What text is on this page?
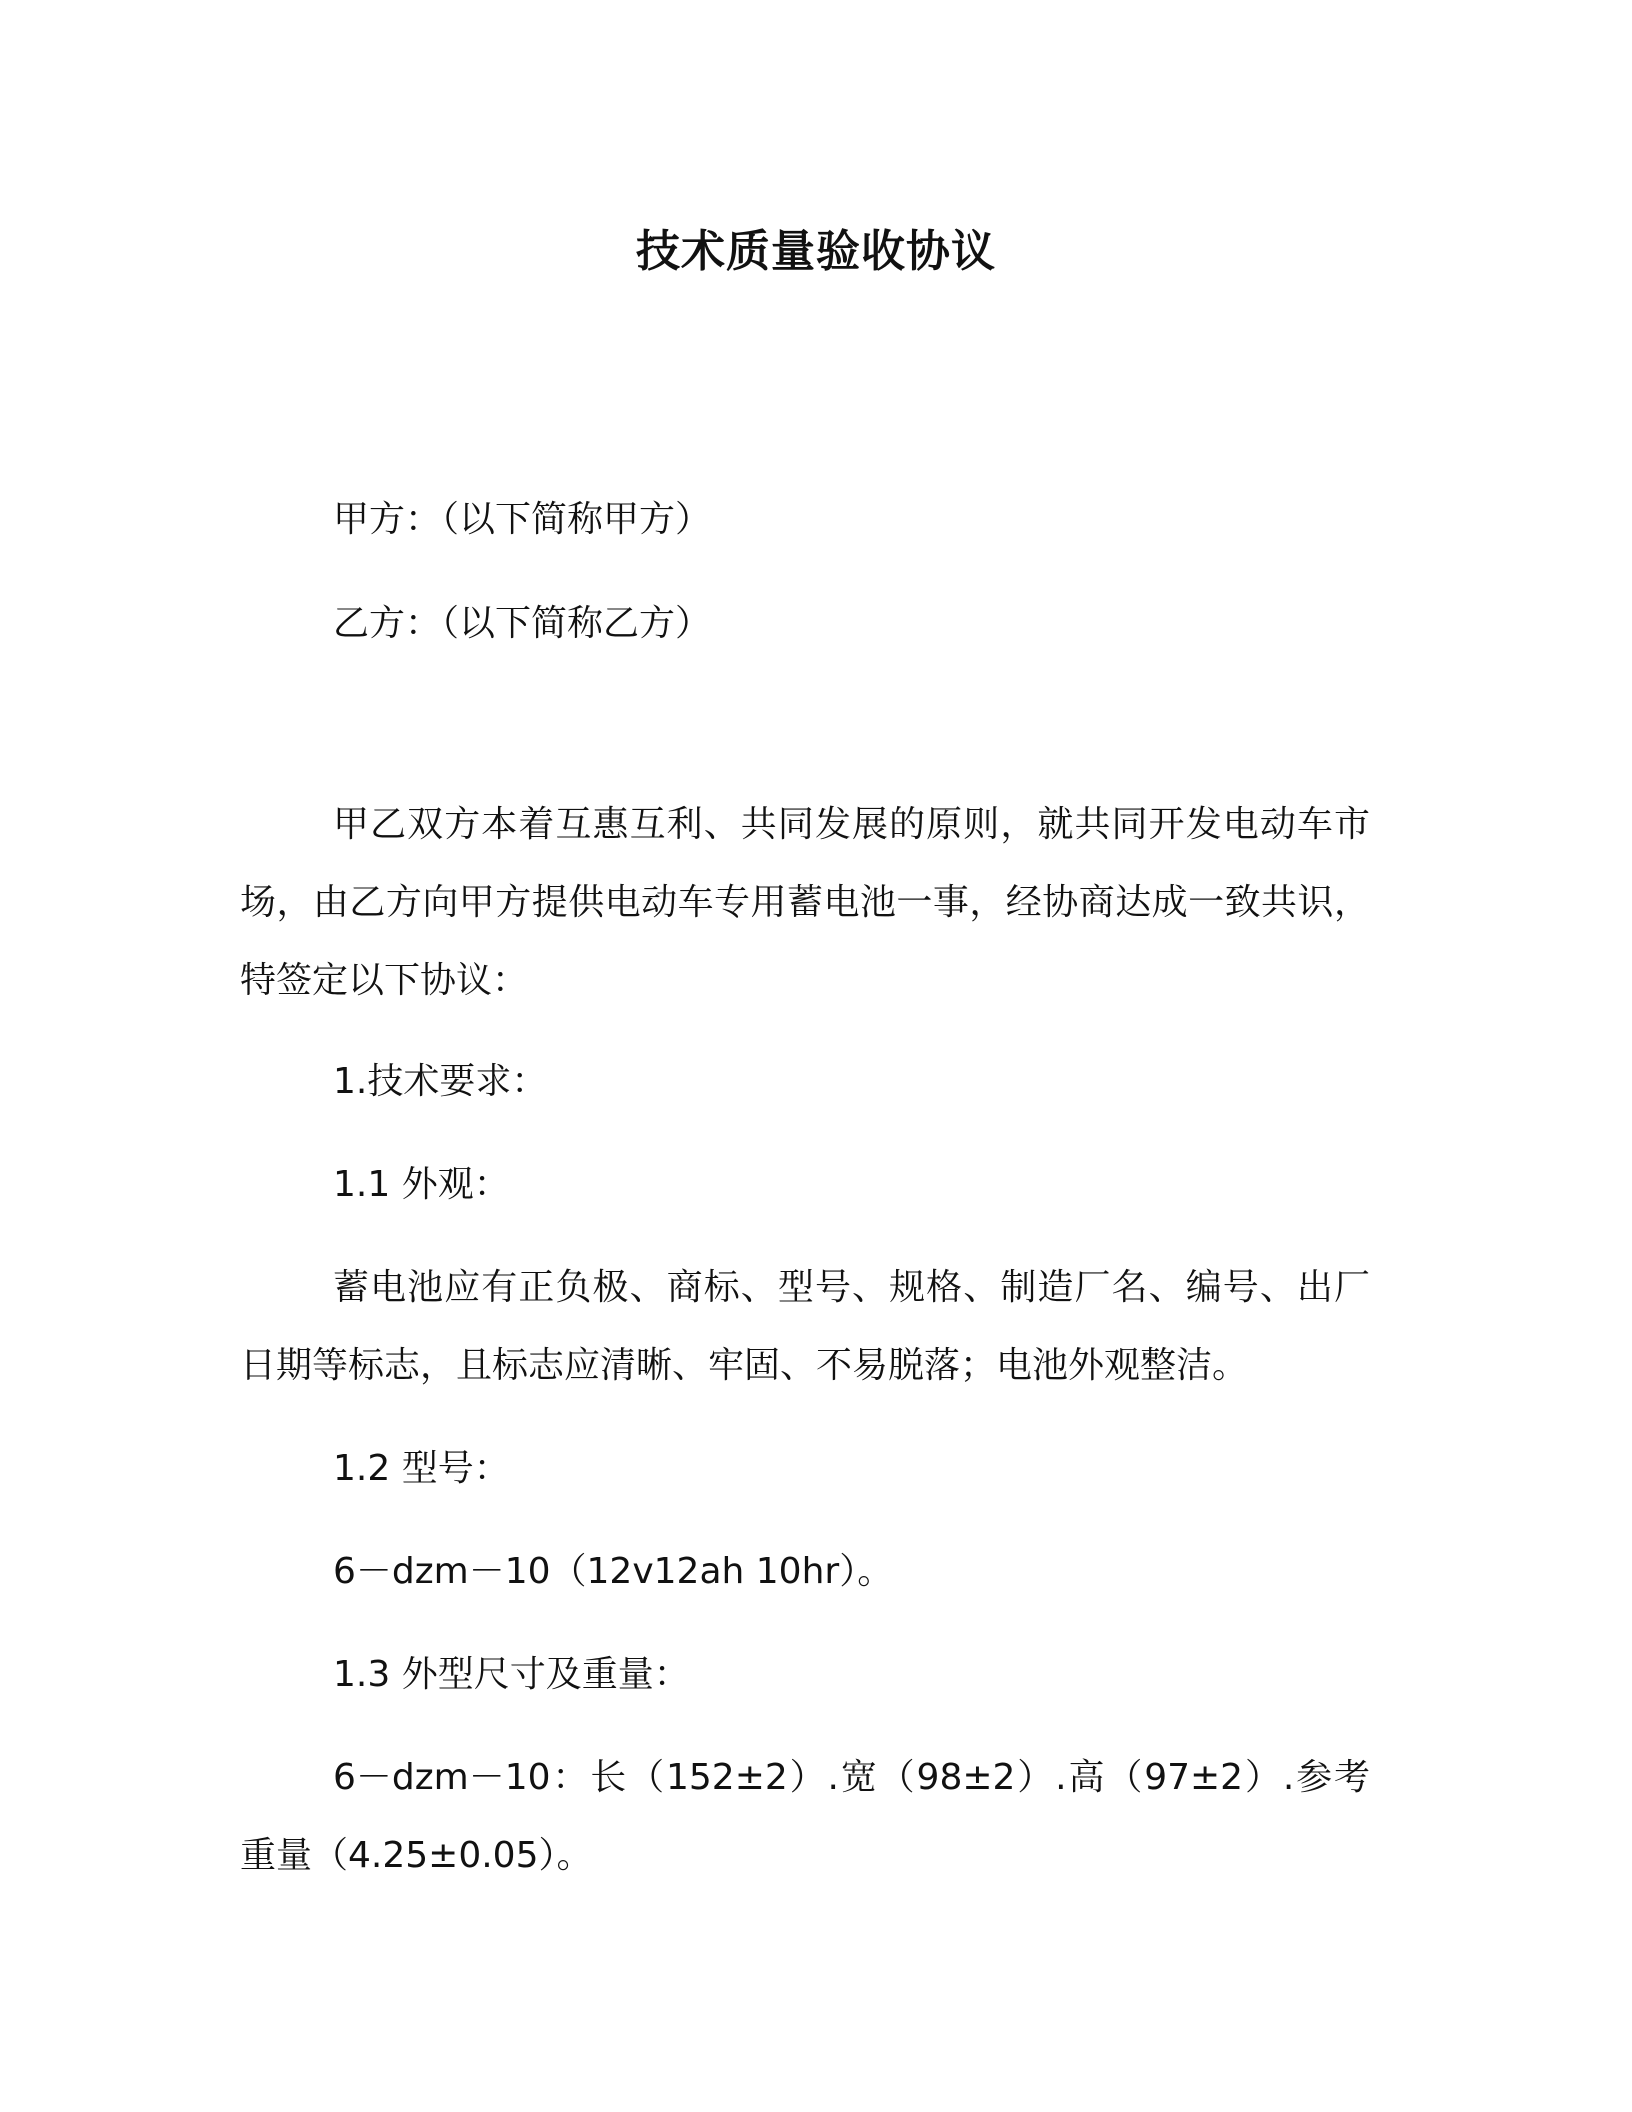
技术质量验收协议
甲方：（以下简称甲方）
乙方：（以下简称乙方）
甲乙双方本着互惠互利、共同发展的原则，就共同开发电动车市场，由乙方向甲方提供电动车专用蓄电池一事，经协商达成一致共识，特签定以下协议：
1.技术要求：
1.1 外观：
蓄电池应有正负极、商标、型号、规格、制造厂名、编号、出厂日期等标志，且标志应清晰、牢固、不易脱落；电池外观整洁。
1.2 型号：
6－dzm－10（12v12ah 10hr）。
1.3 外型尺寸及重量：
6－dzm－10：长（152±2）.宽（98±2）.高（97±2）.参考重量（4.25±0.05）。
